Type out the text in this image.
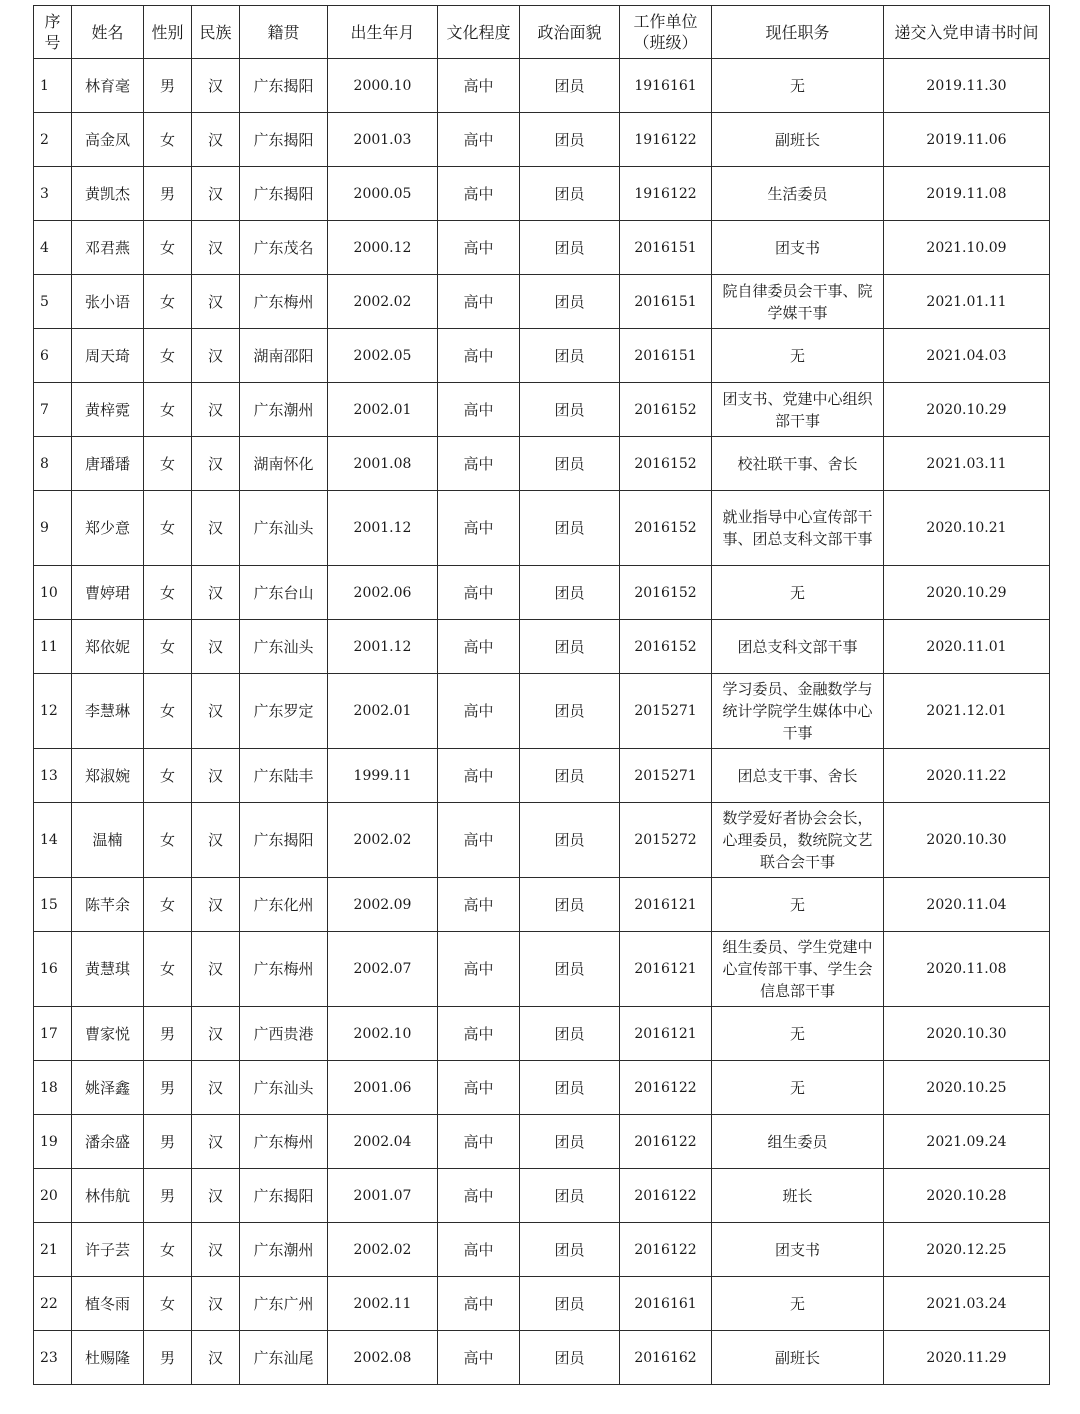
序号	姓名	性别	民族	籍贯	出生年月	文化程度	政治面貌	工作单位（班级）	现任职务	递交入党申请书时间
1	林育毫	男	汉	广东揭阳	2000.10	高中	团员	1916161	无	2019.11.30
2	高金凤	女	汉	广东揭阳	2001.03	高中	团员	1916122	副班长	2019.11.06
3	黄凯杰	男	汉	广东揭阳	2000.05	高中	团员	1916122	生活委员	2019.11.08
4	邓君燕	女	汉	广东茂名	2000.12	高中	团员	2016151	团支书	2021.10.09
5	张小语	女	汉	广东梅州	2002.02	高中	团员	2016151	院自律委员会干事、院学媒干事	2021.01.11
6	周天琦	女	汉	湖南邵阳	2002.05	高中	团员	2016151	无	2021.04.03
7	黄梓霓	女	汉	广东潮州	2002.01	高中	团员	2016152	团支书、党建中心组织部干事	2020.10.29
8	唐璠璠	女	汉	湖南怀化	2001.08	高中	团员	2016152	校社联干事、舍长	2021.03.11
9	郑少意	女	汉	广东汕头	2001.12	高中	团员	2016152	就业指导中心宣传部干事、团总支科文部干事	2020.10.21
10	曹婷珺	女	汉	广东台山	2002.06	高中	团员	2016152	无	2020.10.29
11	郑依妮	女	汉	广东汕头	2001.12	高中	团员	2016152	团总支科文部干事	2020.11.01
12	李慧琳	女	汉	广东罗定	2002.01	高中	团员	2015271	学习委员、金融数学与统计学院学生媒体中心干事	2021.12.01
13	郑淑婉	女	汉	广东陆丰	1999.11	高中	团员	2015271	团总支干事、舍长	2020.11.22
14	温楠	女	汉	广东揭阳	2002.02	高中	团员	2015272	数学爱好者协会会长，心理委员，数统院文艺联合会干事	2020.10.30
15	陈芊余	女	汉	广东化州	2002.09	高中	团员	2016121	无	2020.11.04
16	黄慧琪	女	汉	广东梅州	2002.07	高中	团员	2016121	组生委员、学生党建中心宣传部干事、学生会信息部干事	2020.11.08
17	曹家悦	男	汉	广西贵港	2002.10	高中	团员	2016121	无	2020.10.30
18	姚泽鑫	男	汉	广东汕头	2001.06	高中	团员	2016122	无	2020.10.25
19	潘余盛	男	汉	广东梅州	2002.04	高中	团员	2016122	组生委员	2021.09.24
20	林伟航	男	汉	广东揭阳	2001.07	高中	团员	2016122	班长	2020.10.28
21	许子芸	女	汉	广东潮州	2002.02	高中	团员	2016122	团支书	2020.12.25
22	植冬雨	女	汉	广东广州	2002.11	高中	团员	2016161	无	2021.03.24
23	杜赐隆	男	汉	广东汕尾	2002.08	高中	团员	2016162	副班长	2020.11.29
